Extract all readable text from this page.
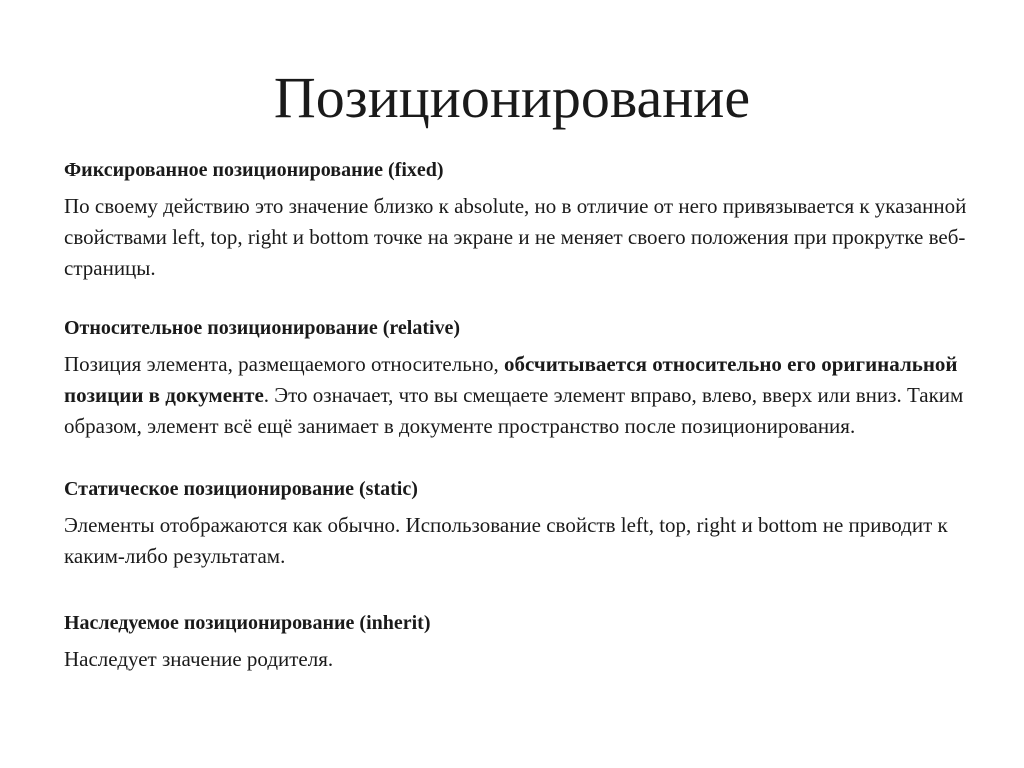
Позиционирование
Фиксированное позиционирование (fixed)

По своему действию это значение близко к absolute, но в отличие от него привязывается к указанной свойствами left, top, right и bottom точке на экране и не меняет своего положения при прокрутке веб-страницы.

Относительное позиционирование (relative)

Позиция элемента, размещаемого относительно, обсчитывается относительно его оригинальной позиции в документе. Это означает, что вы смещаете элемент вправо, влево, вверх или вниз. Таким образом, элемент всё ещё занимает в документе пространство после позиционирования.

Статическое позиционирование (static)

Элементы отображаются как обычно. Использование свойств left, top, right и bottom не приводит к каким-либо результатам.

Наследуемое позиционирование (inherit)

Наследует значение родителя.
